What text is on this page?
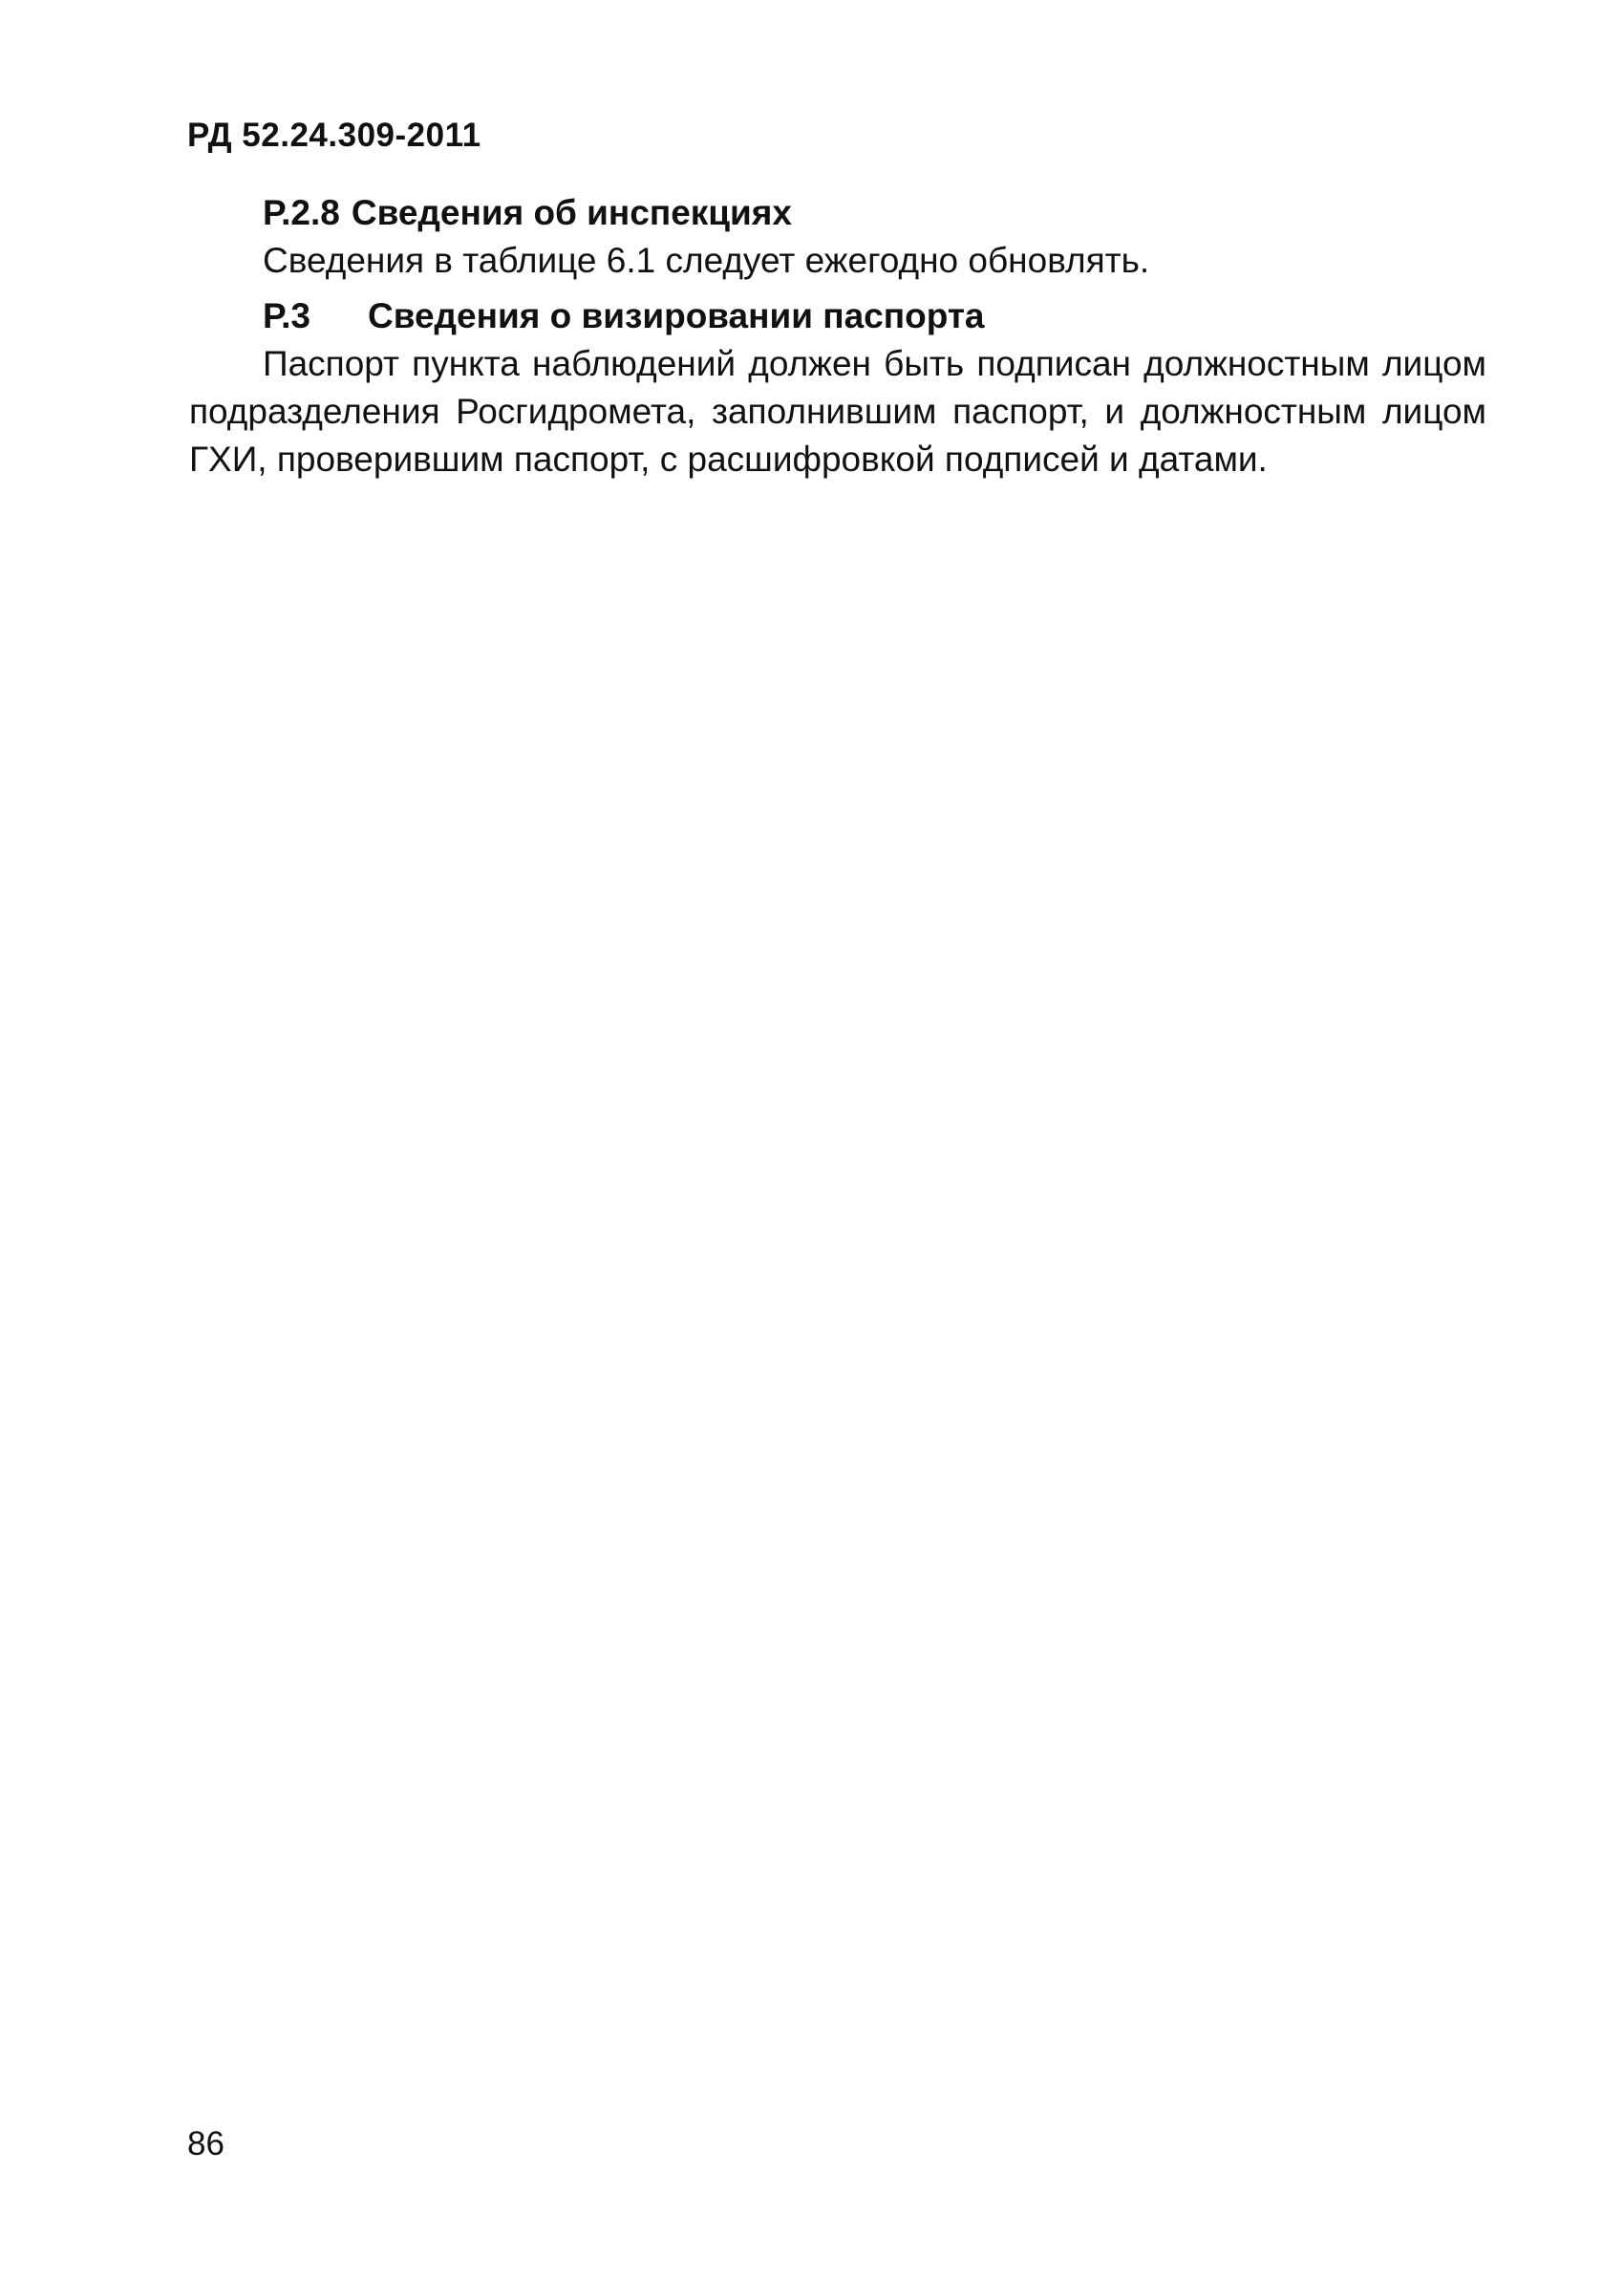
РД 52.24.309-2011
Р.2.8 Сведения об инспекциях

Сведения в таблице 6.1 следует ежегодно обновлять.

Р.3 Сведения о визировании паспорта

Паспорт пункта наблюдений должен быть подписан должностным лицом подразделения Росгидромета, заполнившим паспорт, и должностным лицом ГХИ, проверившим паспорт, с расшифровкой подписей и датами.

86
